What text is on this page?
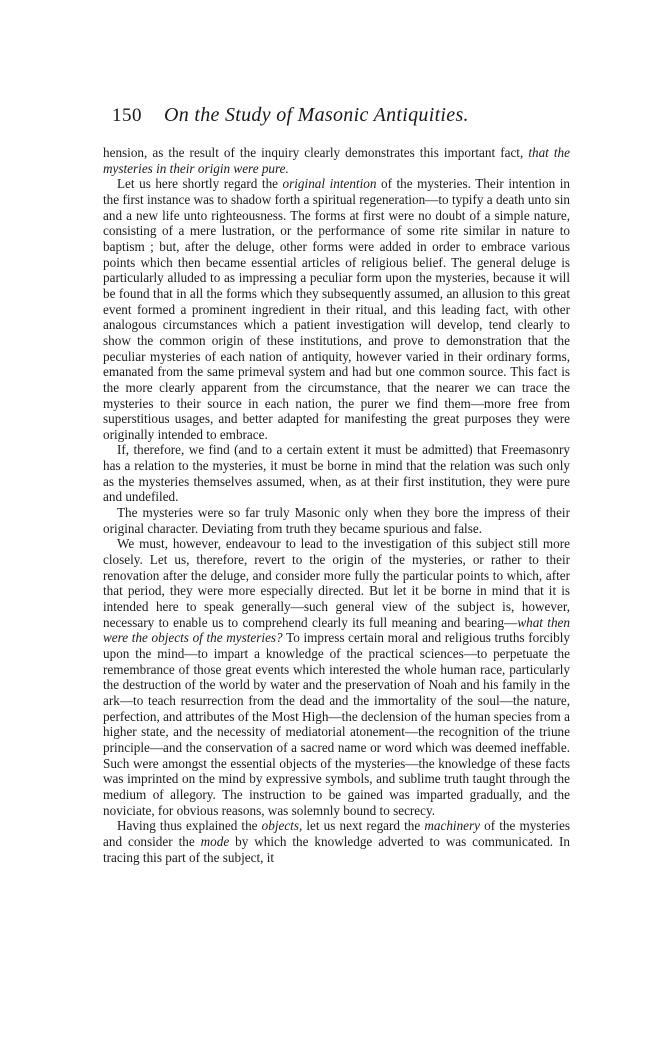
150 On the Study of Masonic Antiquities.

hension, as the result of the inquiry clearly demonstrates this important fact, that the mysteries in their origin were pure.

Let us here shortly regard the original intention of the mysteries. Their intention in the first instance was to shadow forth a spiritual regeneration—to typify a death unto sin and a new life unto righteousness. The forms at first were no doubt of a simple nature, consisting of a mere lustration, or the performance of some rite similar in nature to baptism ; but, after the deluge, other forms were added in order to embrace various points which then became essential articles of religious belief. The general deluge is particularly alluded to as impressing a peculiar form upon the mysteries, because it will be found that in all the forms which they subsequently assumed, an allusion to this great event formed a prominent ingredient in their ritual, and this leading fact, with other analogous circumstances which a patient investigation will develop, tend clearly to show the common origin of these institutions, and prove to demonstration that the peculiar mysteries of each nation of antiquity, however varied in their ordinary forms, emanated from the same primeval system and had but one common source. This fact is the more clearly apparent from the circumstance, that the nearer we can trace the mysteries to their source in each nation, the purer we find them—more free from superstitious usages, and better adapted for manifesting the great purposes they were originally intended to embrace.

If, therefore, we find (and to a certain extent it must be admitted) that Freemasonry has a relation to the mysteries, it must be borne in mind that the relation was such only as the mysteries themselves assumed, when, as at their first institution, they were pure and undefiled.

The mysteries were so far truly Masonic only when they bore the impress of their original character. Deviating from truth they became spurious and false.

We must, however, endeavour to lead to the investigation of this subject still more closely. Let us, therefore, revert to the origin of the mysteries, or rather to their renovation after the deluge, and consider more fully the particular points to which, after that period, they were more especially directed. But let it be borne in mind that it is intended here to speak generally—such general view of the subject is, however, necessary to enable us to comprehend clearly its full meaning and bearing—what then were the objects of the mysteries? To impress certain moral and religious truths forcibly upon the mind—to impart a knowledge of the practical sciences—to perpetuate the remembrance of those great events which interested the whole human race, particularly the destruction of the world by water and the preservation of Noah and his family in the ark—to teach resurrection from the dead and the immortality of the soul—the nature, perfection, and attributes of the Most High—the declension of the human species from a higher state, and the necessity of mediatorial atonement—the recognition of the triune principle—and the conservation of a sacred name or word which was deemed ineffable. Such were amongst the essential objects of the mysteries—the knowledge of these facts was imprinted on the mind by expressive symbols, and sublime truth taught through the medium of allegory. The instruction to be gained was imparted gradually, and the noviciate, for obvious reasons, was solemnly bound to secrecy.

Having thus explained the objects, let us next regard the machinery of the mysteries and consider the mode by which the knowledge adverted to was communicated. In tracing this part of the subject, it
